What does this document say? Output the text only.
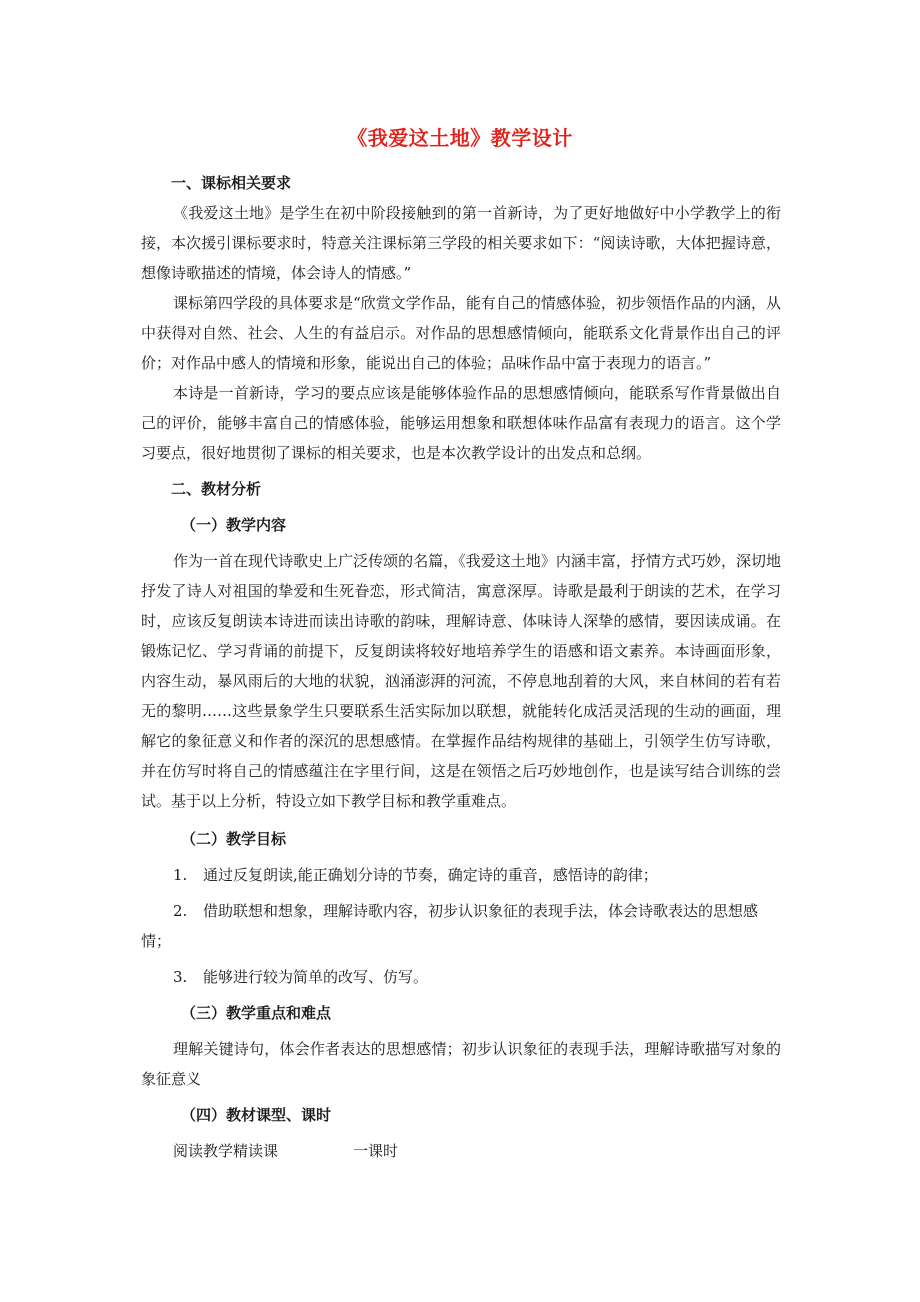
《我爱这土地》教学设计

一、课标相关要求

《我爱这土地》是学生在初中阶段接触到的第一首新诗，为了更好地做好中小学教学上的衔接，本次援引课标要求时，特意关注课标第三学段的相关要求如下：“阅读诗歌，大体把握诗意，想像诗歌描述的情境，体会诗人的情感。”

课标第四学段的具体要求是“欣赏文学作品，能有自己的情感体验，初步领悟作品的内涵，从中获得对自然、社会、人生的有益启示。对作品的思想感情倾向，能联系文化背景作出自己的评价；对作品中感人的情境和形象，能说出自己的体验；品味作品中富于表现力的语言。”

本诗是一首新诗，学习的要点应该是能够体验作品的思想感情倾向，能联系写作背景做出自己的评价，能够丰富自己的情感体验，能够运用想象和联想体味作品富有表现力的语言。这个学习要点，很好地贯彻了课标的相关要求，也是本次教学设计的出发点和总纲。

二、教材分析

（一）教学内容

作为一首在现代诗歌史上广泛传颂的名篇，《我爱这土地》内涵丰富，抒情方式巧妙，深切地抒发了诗人对祖国的挚爱和生死眷恋，形式简洁，寓意深厚。诗歌是最利于朗读的艺术，在学习时，应该反复朗读本诗进而读出诗歌的韵味，理解诗意、体味诗人深挚的感情，要因读成诵。在锻炼记忆、学习背诵的前提下，反复朗读将较好地培养学生的语感和语文素养。本诗画面形象，内容生动，暴风雨后的大地的状貌，汹涌澎湃的河流，不停息地刮着的大风，来自林间的若有若无的黎明……这些景象学生只要联系生活实际加以联想，就能转化成活灵活现的生动的画面，理解它的象征意义和作者的深沉的思想感情。在掌握作品结构规律的基础上，引领学生仿写诗歌，并在仿写时将自己的情感蕴注在字里行间，这是在领悟之后巧妙地创作，也是读写结合训练的尝试。基于以上分析，特设立如下教学目标和教学重难点。

（二）教学目标

1. 通过反复朗读,能正确划分诗的节奏，确定诗的重音，感悟诗的韵律；

2. 借助联想和想象，理解诗歌内容，初步认识象征的表现手法，体会诗歌表达的思想感情；

3. 能够进行较为简单的改写、仿写。

（三）教学重点和难点

理解关键诗句，体会作者表达的思想感情；初步认识象征的表现手法，理解诗歌描写对象的象征意义

（四）教材课型、课时

阅读教学精读课	一课时
